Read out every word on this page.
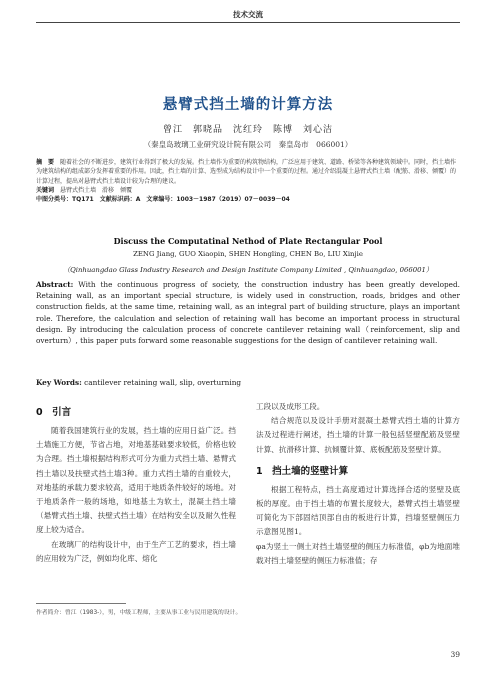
技术交流
悬臂式挡土墙的计算方法
曾江　郭晓品　沈红玲　陈博　刘心洁
（秦皇岛玻璃工业研究设计院有限公司　秦皇岛市　066001）
摘　要　 随着社会的不断进步，建筑行业得到了极大的发展。挡土墙作为重要的构筑物结构，广泛应用于建筑、道路、桥梁等各种建筑领域中。同时，挡土墙作为建筑结构的组成部分发挥着重要的作用。因此，挡土墙的计算、选型成为结构设计中一个重要的过程。通过介绍混凝土悬臂式挡土墙（配筋、滑移、倾覆）的计算过程，提出对悬臂式挡土墙设计较为合理的建议。
关键词　 悬臂式挡土墙　滑移　倾覆
中图分类号：TQ171　文献标识码：A　文章编号：1003－1987（2019）07－0039－04
Discuss the Computatinal Nethod of Plate Rectangular Pool
ZENG Jiang, GUO Xiaopin, SHEN Hongling, CHEN Bo, LIU Xinjie
（Qinhuangdao Glass Industry Research and Design Institute Company Limited , Qinhuangdao, 066001）
Abstract: With the continuous progress of society, the construction industry has been greatly developed. Retaining wall, as an important special structure, is widely used in construction, roads, bridges and other construction fields, at the same time, retaining wall, as an integral part of building structure, plays an important role. Therefore, the calculation and selection of retaining wall has become an important process in structural design. By introducing the calculation process of concrete cantilever retaining wall（reinforcement, slip and overturn）, this paper puts forward some reasonable suggestions for the design of cantilever retaining wall.
Key Words: cantilever retaining wall, slip, overturning
0　引言

随着我国建筑行业的发展，挡土墙的应用日益广泛。挡土墙施工方便，节省占地，对地基基础要求较低，价格也较为合理。挡土墙根据结构形式可分为重力式挡土墙、悬臂式挡土墙以及扶壁式挡土墙3种。重力式挡土墙的自重较大，对地基的承载力要求较高，适用于地质条件较好的场地。对于地质条件一般的场地，如地基土为软土，混凝土挡土墙（悬臂式挡土墙、扶壁式挡土墙）在结构安全以及耐久性程度上较为适合。

在玻璃厂的结构设计中，由于生产工艺的要求，挡土墙的应用较为广泛，例如均化库、熔化

工段以及成形工段。

结合规范以及设计手册对混凝土悬臂式挡土墙的计算方法及过程进行阐述，挡土墙的计算一般包括竖壁配筋及竖壁计算、抗滑移计算、抗倾覆计算、底板配筋及竖壁计算。

1　挡土墙的竖壁计算

根据工程特点，挡土高度通过计算选择合适的竖壁及底板的厚度。由于挡土墙的布置长度较大，悬臂式挡土墙竖壁可简化为下部固结顶部自由的板进行计算，挡墙竖壁侧压力示意图见图1。

φa为竖土一侧土对挡土墙竖壁的侧压力标准值，φb为地面堆载对挡土墙竖壁的侧压力标准值；存

作者简介：曾江（1983-），男，中级工程师，主要从事工业与民用建筑的设计。
39
